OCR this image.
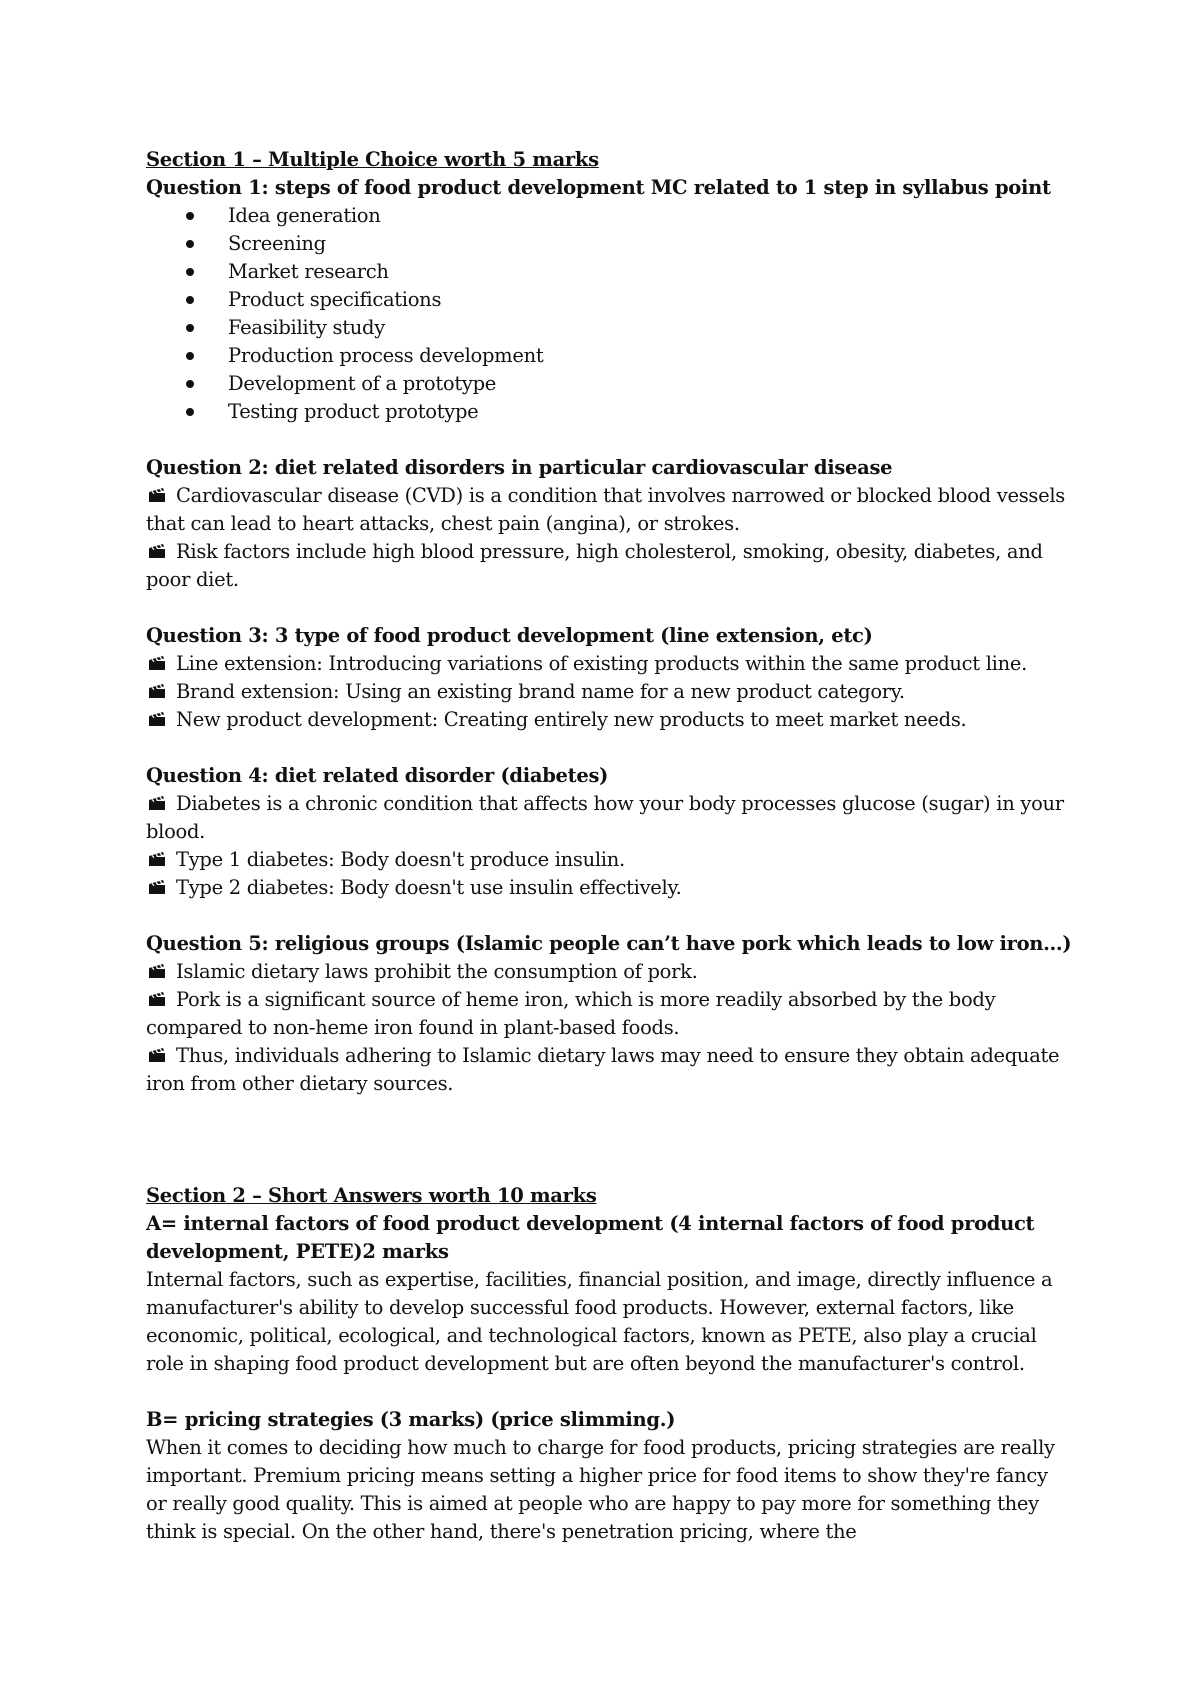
Section 1 – Multiple Choice worth 5 marks
Question 1: steps of food product development MC related to 1 step in syllabus point
Idea generation
Screening
Market research
Product specifications
Feasibility study
Production process development
Development of a prototype
Testing product prototype
Question 2: diet related disorders in particular cardiovascular disease
Cardiovascular disease (CVD) is a condition that involves narrowed or blocked blood vessels that can lead to heart attacks, chest pain (angina), or strokes.
Risk factors include high blood pressure, high cholesterol, smoking, obesity, diabetes, and poor diet.
Question 3: 3 type of food product development (line extension, etc)
Line extension: Introducing variations of existing products within the same product line.
Brand extension: Using an existing brand name for a new product category.
New product development: Creating entirely new products to meet market needs.
Question 4: diet related disorder (diabetes)
Diabetes is a chronic condition that affects how your body processes glucose (sugar) in your blood.
Type 1 diabetes: Body doesn't produce insulin.
Type 2 diabetes: Body doesn't use insulin effectively.
Question 5: religious groups (Islamic people can’t have pork which leads to low iron…)
Islamic dietary laws prohibit the consumption of pork.
Pork is a significant source of heme iron, which is more readily absorbed by the body compared to non-heme iron found in plant-based foods.
Thus, individuals adhering to Islamic dietary laws may need to ensure they obtain adequate iron from other dietary sources.
Section 2 – Short Answers worth 10 marks
A= internal factors of food product development (4 internal factors of food product development, PETE)2 marks
Internal factors, such as expertise, facilities, financial position, and image, directly influence a manufacturer's ability to develop successful food products. However, external factors, like economic, political, ecological, and technological factors, known as PETE, also play a crucial role in shaping food product development but are often beyond the manufacturer's control.
B= pricing strategies (3 marks) (price slimming.)
When it comes to deciding how much to charge for food products, pricing strategies are really important. Premium pricing means setting a higher price for food items to show they're fancy or really good quality. This is aimed at people who are happy to pay more for something they think is special. On the other hand, there's penetration pricing, where the
